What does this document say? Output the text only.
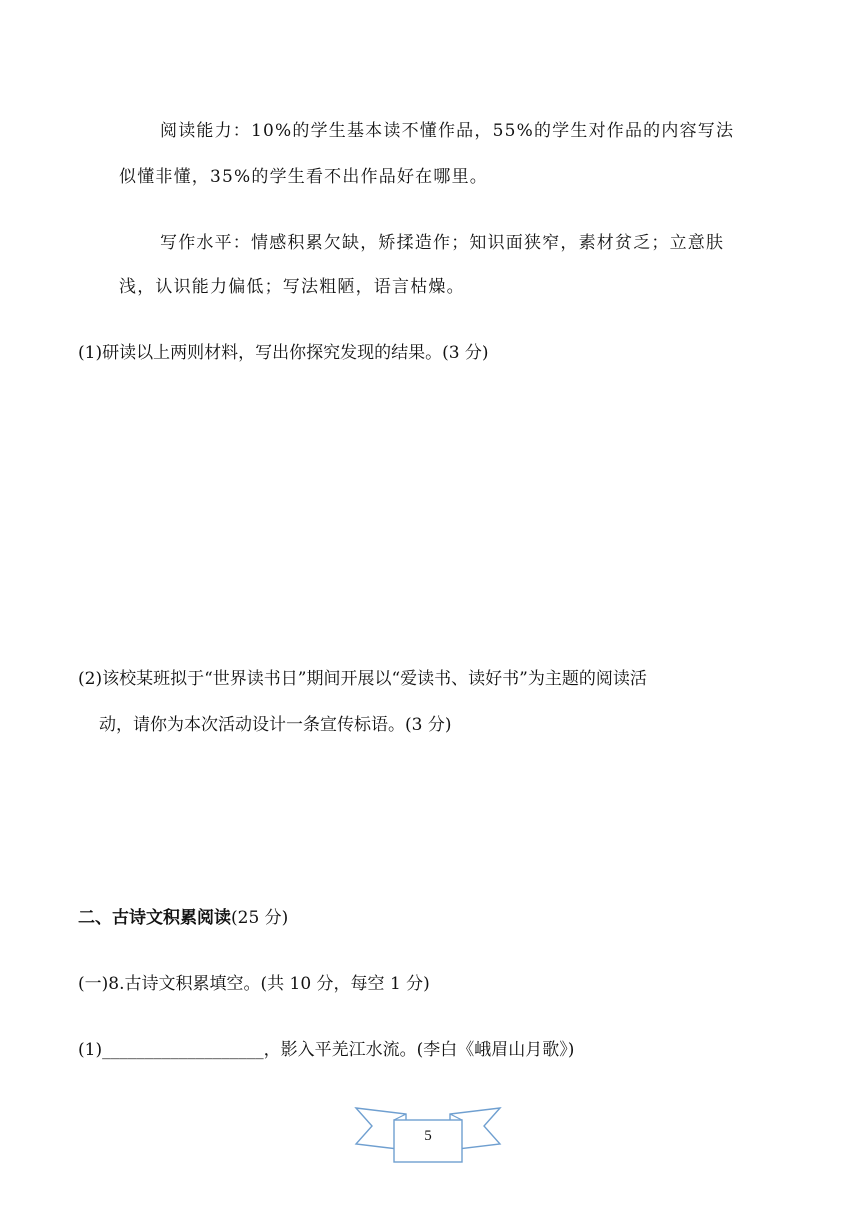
阅读能力：10%的学生基本读不懂作品，55%的学生对作品的内容写法
似懂非懂，35%的学生看不出作品好在哪里。
写作水平：情感积累欠缺，矫揉造作；知识面狭窄，素材贫乏；立意肤
浅，认识能力偏低；写法粗陋，语言枯燥。
(1)研读以上两则材料，写出你探究发现的结果。(3 分)
(2)该校某班拟于“世界读书日”期间开展以“爱读书、读好书”为主题的阅读活
动，请你为本次活动设计一条宣传标语。(3 分)
二、古诗文积累阅读(25 分)
(一)8.古诗文积累填空。(共 10 分，每空 1 分)
(1)___________________，影入平羌江水流。(李白《峨眉山月歌》)
5
